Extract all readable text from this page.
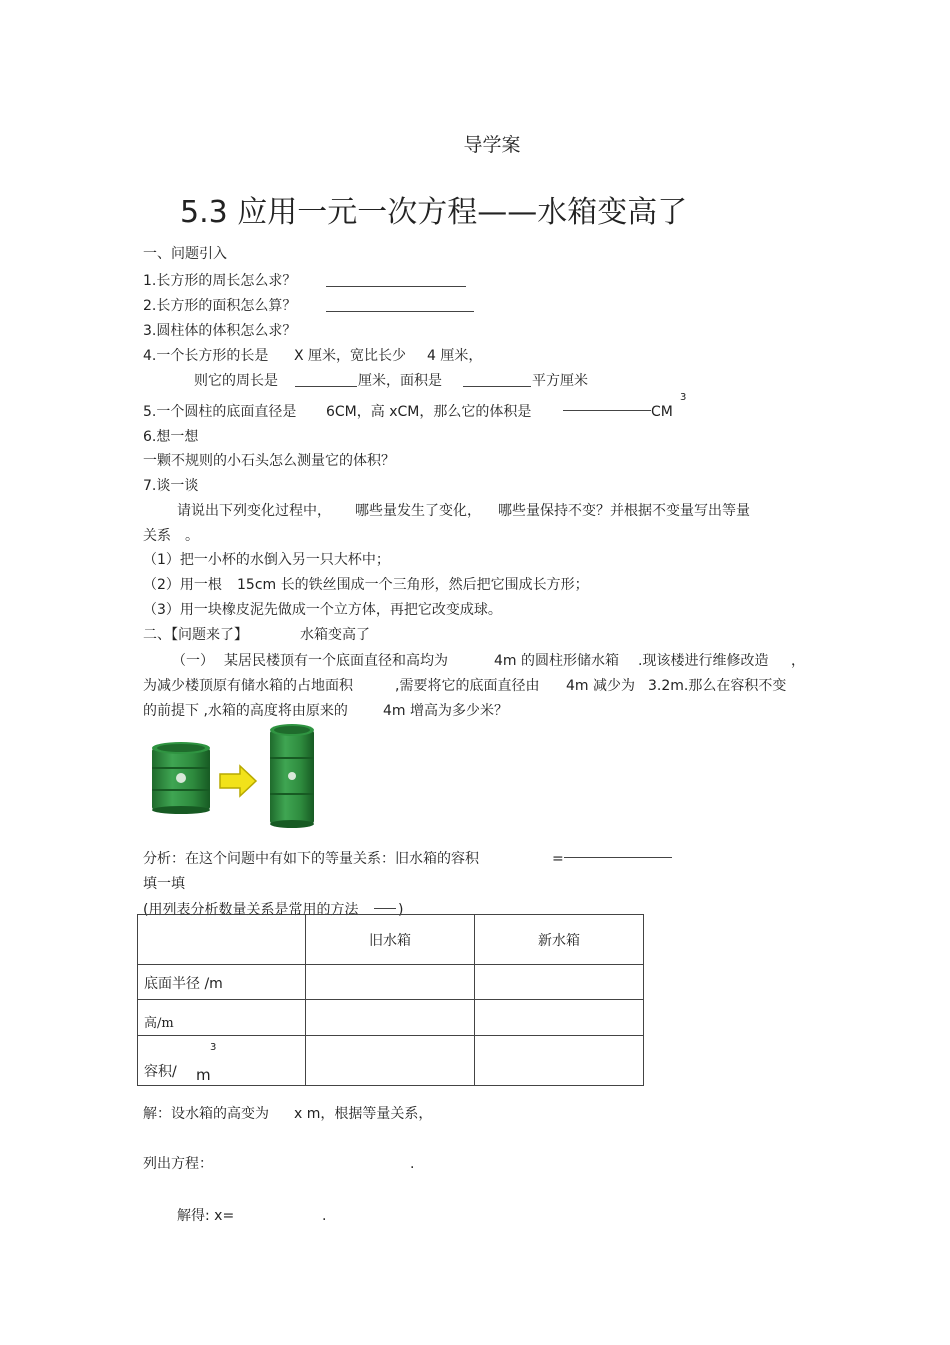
导学案
5.3 应用一元一次方程——水箱变高了
一、问题引入
1.长方形的周长怎么求？
2.长方形的面积怎么算？
3.圆柱体的体积怎么求？
4.一个长方形的长是 X 厘米，宽比长少 4 厘米，
则它的周长是	厘米，面积是	平方厘米
5.一个圆柱的底面直径是 6CM，高 xCM，那么它的体积是	CM
3
6.想一想
一颗不规则的小石头怎么测量它的体积？
7.谈一谈
请说出下列变化过程中， 哪些量发生了变化， 哪些量保持不变？并根据不变量写出等量
关系 。
（1）把一小杯的水倒入另一只大杯中；
（2）用一根 15cm 长的铁丝围成一个三角形，然后把它围成长方形；
（3）用一块橡皮泥先做成一个立方体，再把它改变成球。
二、【问题来了】	水箱变高了
（一） 某居民楼顶有一个底面直径和高均为	4m 的圆柱形储水箱 .现该楼进行维修改造 ，
为减少楼顶原有储水箱的占地面积	,需要将它的底面直径由 4m 减少为 3.2m.那么在容积不变
的前提下 ,水箱的高度将由原来的	4m 增高为多少米？
分析：在这个问题中有如下的等量关系：旧水箱的容积	=
填一填
(用列表分析数量关系是常用的方法	)
	旧水箱	新水箱
底面半径 /m		
高/m		
容积/ m
3		

解：设水箱的高变为 x m，根据等量关系，
列出方程：	.
解得: x=	.
